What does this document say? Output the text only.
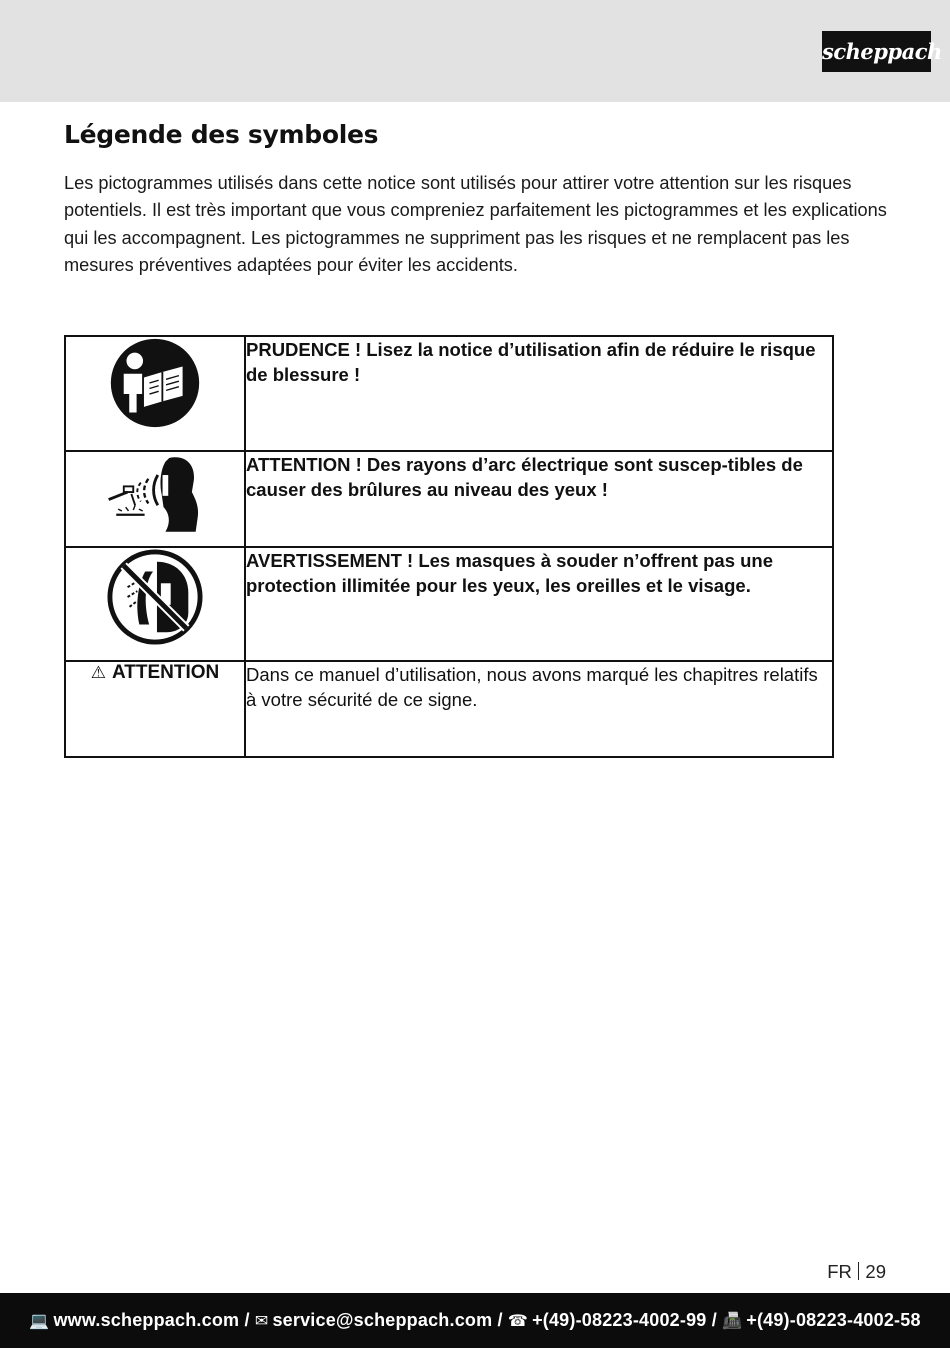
scheppach
Légende des symboles

Les pictogrammes utilisés dans cette notice sont utilisés pour attirer votre attention sur les risques potentiels. Il est très important que vous compreniez parfaitement les pictogrammes et les explications qui les accompagnent. Les pictogrammes ne suppriment pas les risques et ne remplacent pas les mesures préventives adaptées pour éviter les accidents.

	PRUDENCE ! Lisez la notice d’utilisation afin de réduire le risque de blessure !
	ATTENTION ! Des rayons d’arc électrique sont suscep-tibles de causer des brûlures au niveau des yeux !
	AVERTISSEMENT ! Les masques à souder n’offrent pas une protection illimitée pour les yeux, les oreilles et le visage.
⚠ ATTENTION	Dans ce manuel d’utilisation, nous avons marqué les chapitres relatifs à votre sécurité de ce signe.
FR 29
💻 www.scheppach.com / ✉ service@scheppach.com / ☎ +(49)-08223-4002-99 / 📠 +(49)-08223-4002-58
